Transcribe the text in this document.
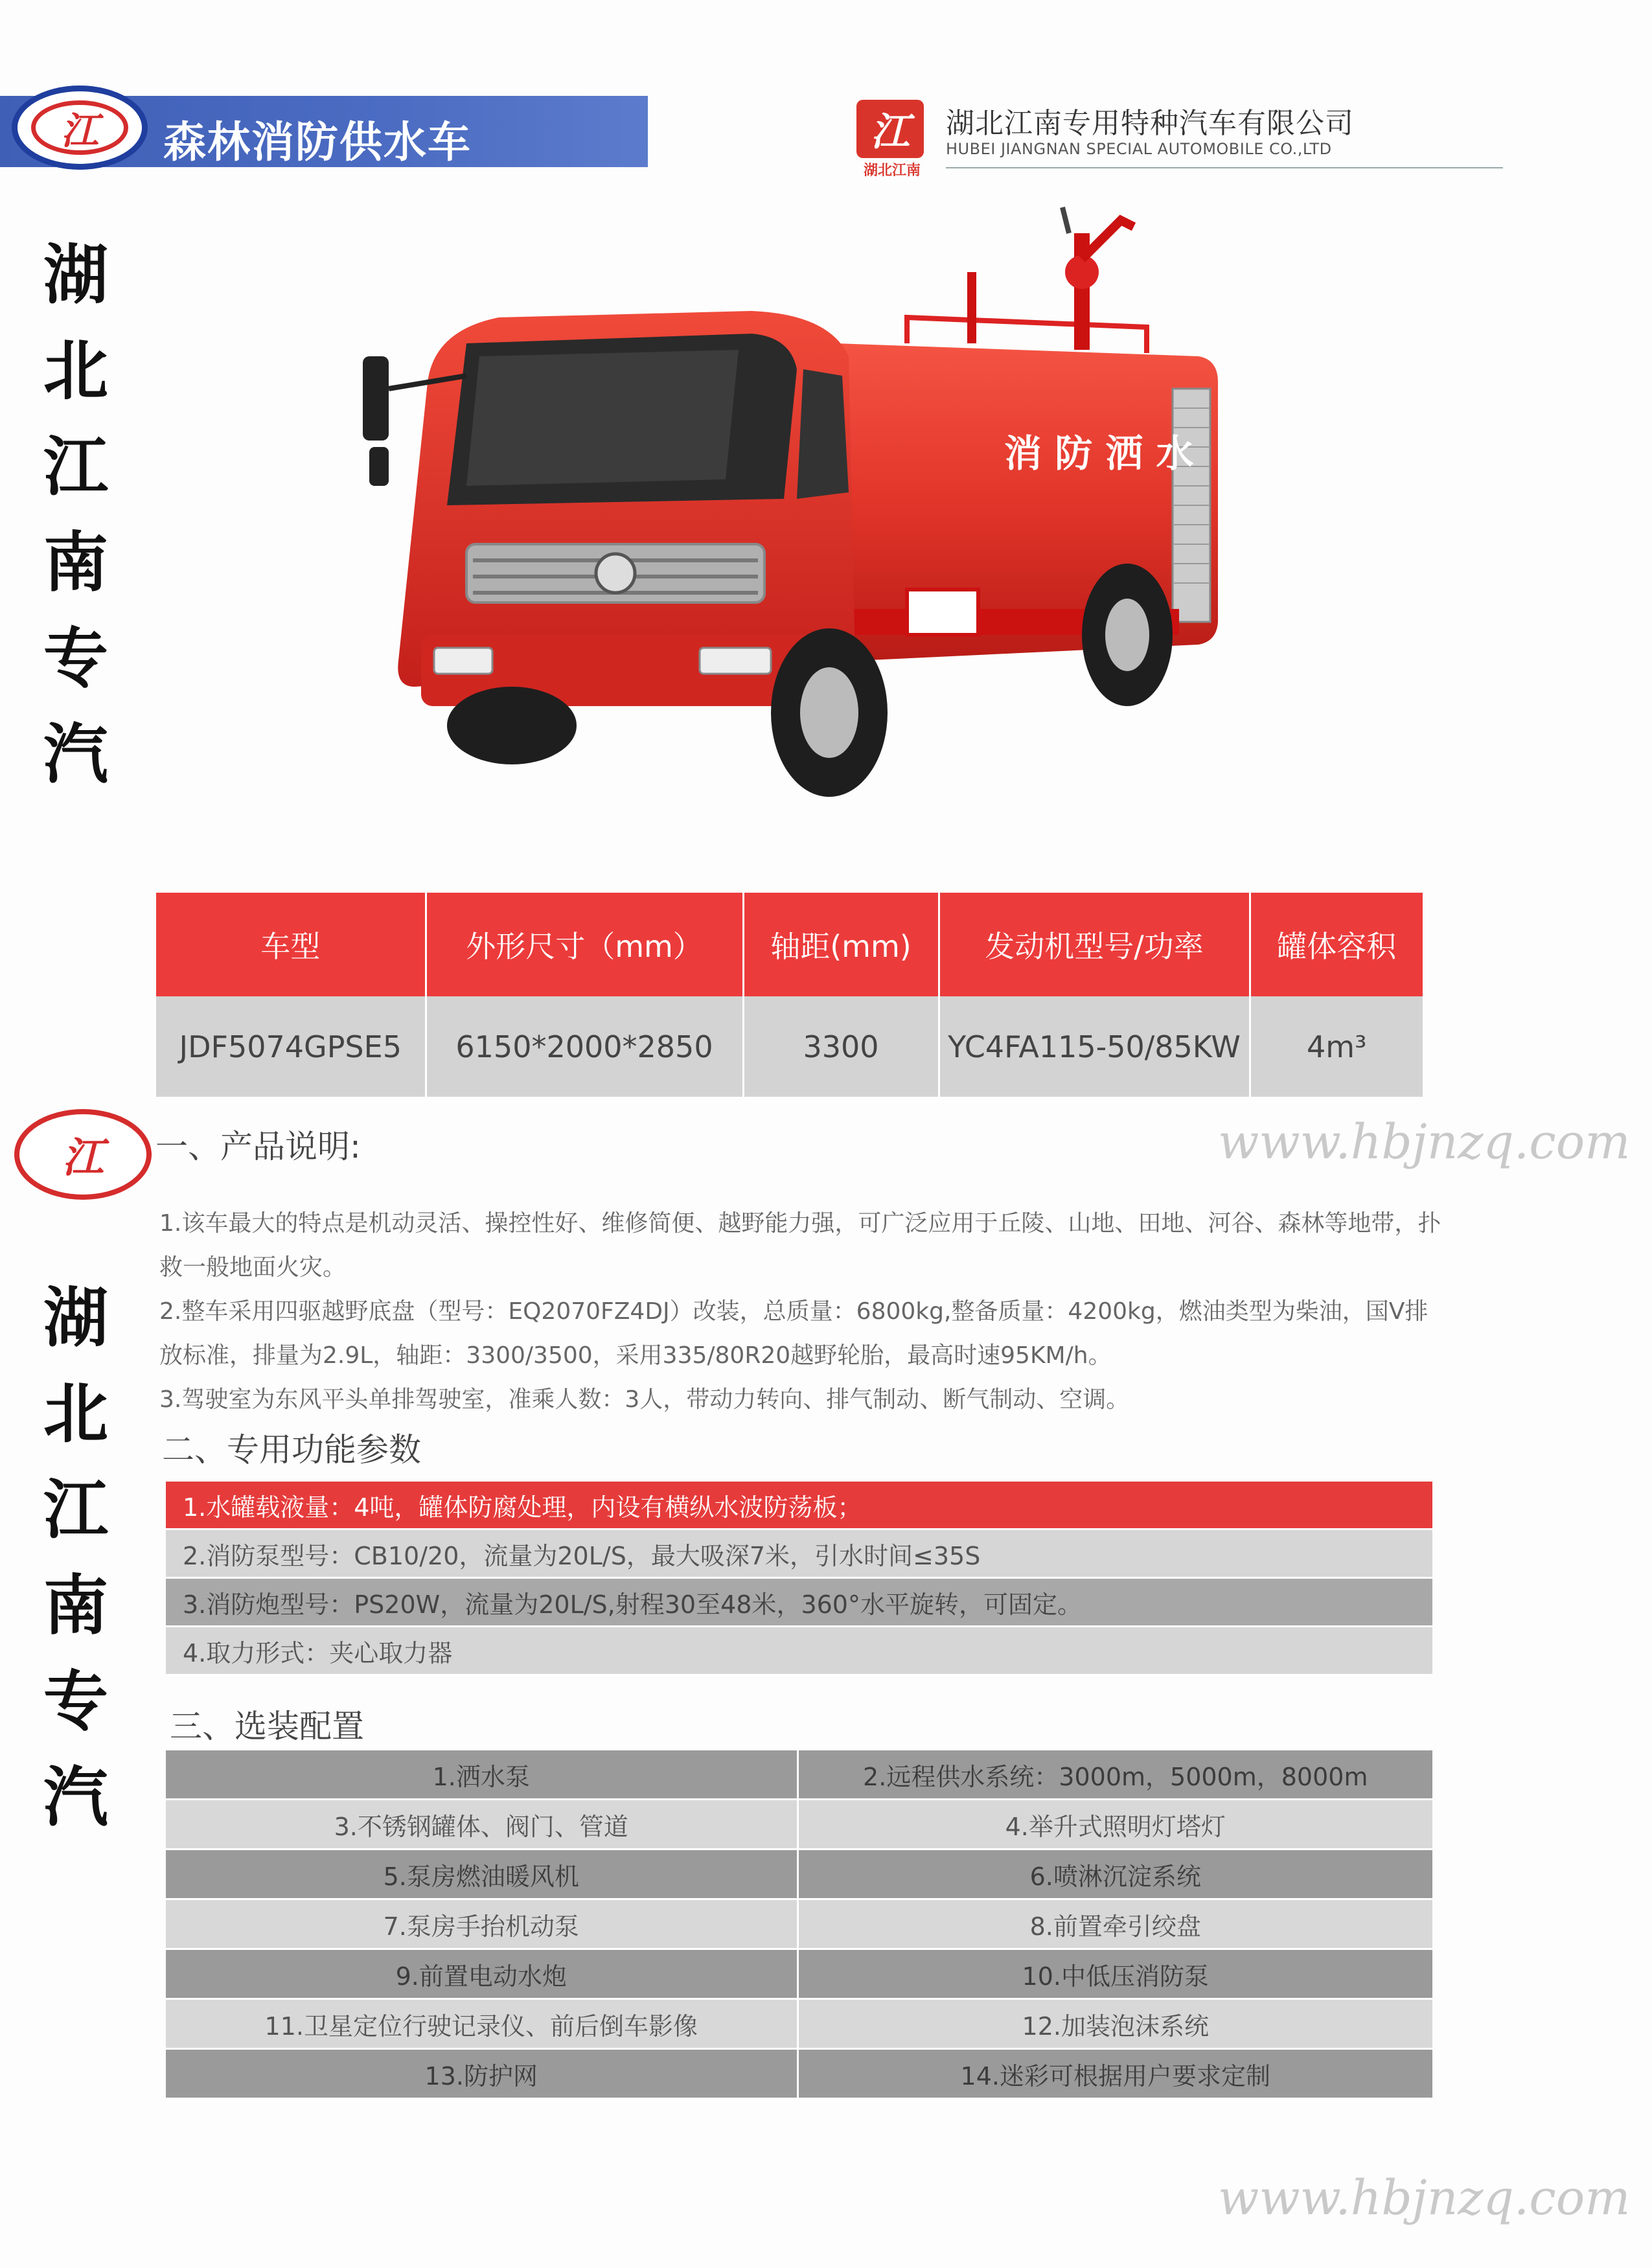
江	森林消防供水车	江
湖北江南
湖北江南专用特种汽车有限公司
HUBEI JIANGNAN SPECIAL AUTOMOBILE CO.,LTD
湖
北
江
南
专
汽
江
湖
北
江
南
专
汽
消 防 洒 水
车型	外形尺寸（mm）	轴距(mm)	发动机型号/功率	罐体容积
JDF5074GPSE5	6150*2000*2850	3300	YC4FA115-50/85KW	4m³
一、产品说明:	www.hbjnzq.com

1.该车最大的特点是机动灵活、操控性好、维修简便、越野能力强，可广泛应用于丘陵、山地、田地、河谷、森林等地带，扑救一般地面火灾。

2.整车采用四驱越野底盘（型号：EQ2070FZ4DJ）改装，总质量：6800kg,整备质量：4200kg，燃油类型为柴油，国V排放标准，排量为2.9L，轴距：3300/3500，采用335/80R20越野轮胎，最高时速95KM/h。

3.驾驶室为东风平头单排驾驶室，准乘人数：3人，带动力转向、排气制动、断气制动、空调。

二、专用功能参数
1.水罐载液量：4吨，罐体防腐处理，内设有横纵水波防荡板；
2.消防泵型号：CB10/20，流量为20L/S，最大吸深7米，引水时间≤35S
3.消防炮型号：PS20W，流量为20L/S,射程30至48米，360°水平旋转，可固定。
4.取力形式：夹心取力器
三、选装配置
1.洒水泵	2.远程供水系统：3000m，5000m，8000m
3.不锈钢罐体、阀门、管道	4.举升式照明灯塔灯
5.泵房燃油暖风机	6.喷淋沉淀系统
7.泵房手抬机动泵	8.前置牵引绞盘
9.前置电动水炮	10.中低压消防泵
11.卫星定位行驶记录仪、前后倒车影像	12.加装泡沫系统
13.防护网	14.迷彩可根据用户要求定制
www.hbjnzq.com
